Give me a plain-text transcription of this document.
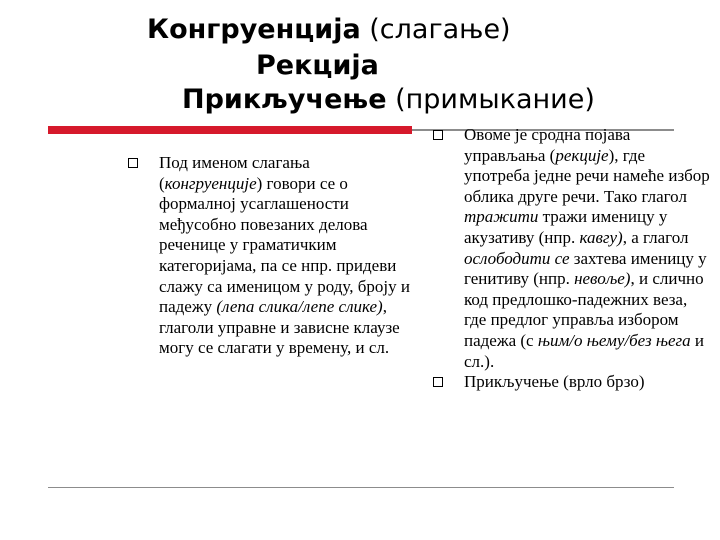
Конгруенција (слагање)
Рекција
Прикључење (примыкание)
Под именом слагања (конгруенције) говори се о формалној усаглашености међусобно повезаних делова реченице у граматичким категоријама, па се нпр. придеви слажу са именицом у роду, броју и падежу (лепа слика/лепе слике), глаголи управне и зависне клаузе могу се слагати у времену, и сл.
Овоме је сродна појава управљања (рекције), где употреба једне речи намеће избор облика друге речи. Тако глагол тражити тражи именицу у акузативу (нпр. кавгу), а глагол ослободити се захтева именицу у генитиву (нпр. невоље), и слично код предлошко-падежних веза, где предлог управља избором падежа (с њим/о њему/без њега и сл.).
Прикључење (врло брзо)
